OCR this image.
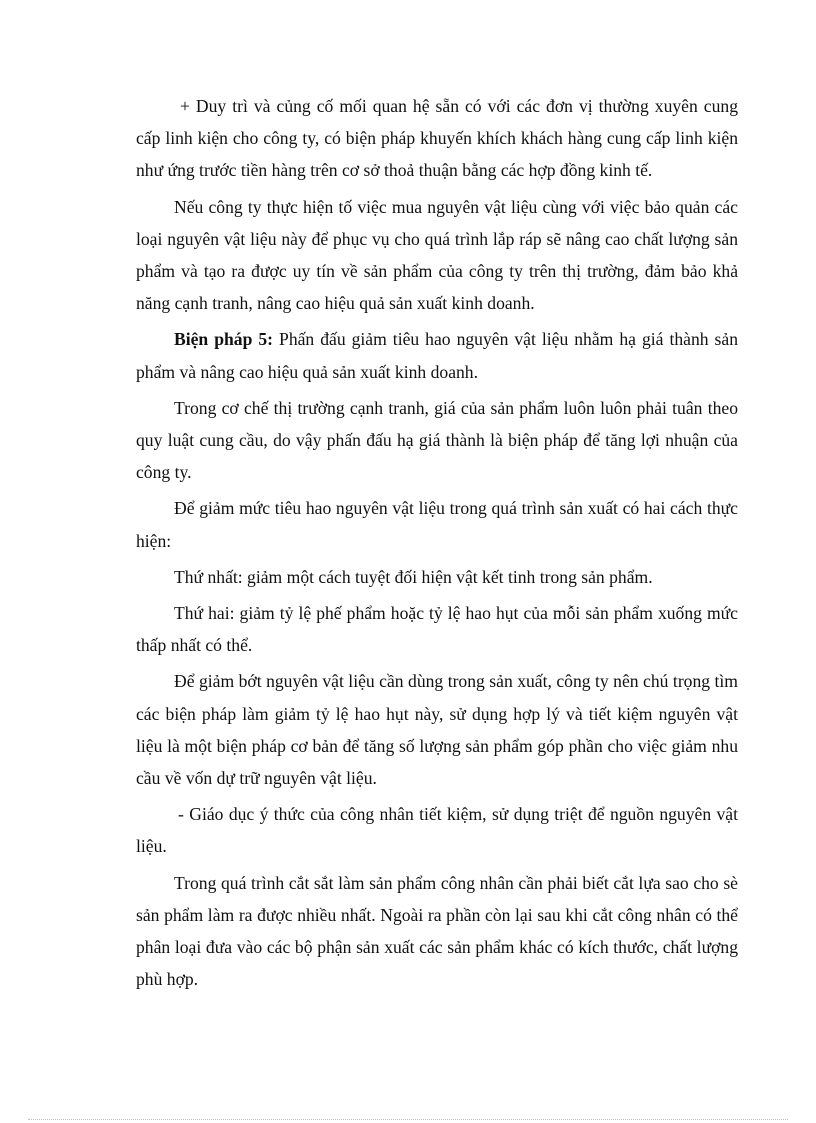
+ Duy trì và củng cố mối quan hệ sẵn có với các đơn vị thường xuyên cung cấp linh kiện cho công ty, có biện pháp khuyến khích khách hàng cung cấp linh kiện như ứng trước tiền hàng trên cơ sở thoả thuận bằng các hợp đồng kinh tế.

Nếu công ty thực hiện tố việc mua nguyên vật liệu cùng với việc bảo quản các loại nguyên vật liệu này để phục vụ cho quá trình lắp ráp sẽ nâng cao chất lượng sản phẩm và tạo ra được uy tín về sản phẩm của công ty trên thị trường, đảm bảo khả năng cạnh tranh, nâng cao hiệu quả sản xuất kinh doanh.

Biện pháp 5: Phấn đấu giảm tiêu hao nguyên vật liệu nhằm hạ giá thành sản phẩm và nâng cao hiệu quả sản xuất kinh doanh.

Trong cơ chế thị trường cạnh tranh, giá của sản phẩm luôn luôn phải tuân theo quy luật cung cầu, do vậy phấn đấu hạ giá thành là biện pháp để tăng lợi nhuận của công ty.

Để giảm mức tiêu hao nguyên vật liệu trong quá trình sản xuất có hai cách thực hiện:

Thứ nhất: giảm một cách tuyệt đối hiện vật kết tinh trong sản phẩm.

Thứ hai: giảm tỷ lệ phế phẩm hoặc tỷ lệ hao hụt của mỗi sản phẩm xuống mức thấp nhất có thể.

Để giảm bớt nguyên vật liệu cần dùng trong sản xuất, công ty nên chú trọng tìm các biện pháp làm giảm tỷ lệ hao hụt này, sử dụng hợp lý và tiết kiệm nguyên vật liệu là một biện pháp cơ bản để tăng số lượng sản phẩm góp phần cho việc giảm nhu cầu về vốn dự trữ nguyên vật liệu.

- Giáo dục ý thức của công nhân tiết kiệm, sử dụng triệt để nguồn nguyên vật liệu.

Trong quá trình cắt sắt làm sản phẩm công nhân cần phải biết cắt lựa sao cho sè sản phẩm làm ra được nhiều nhất. Ngoài ra phần còn lại sau khi cắt công nhân có thể phân loại đưa vào các bộ phận sản xuất các sản phẩm khác có kích thước, chất lượng phù hợp.
